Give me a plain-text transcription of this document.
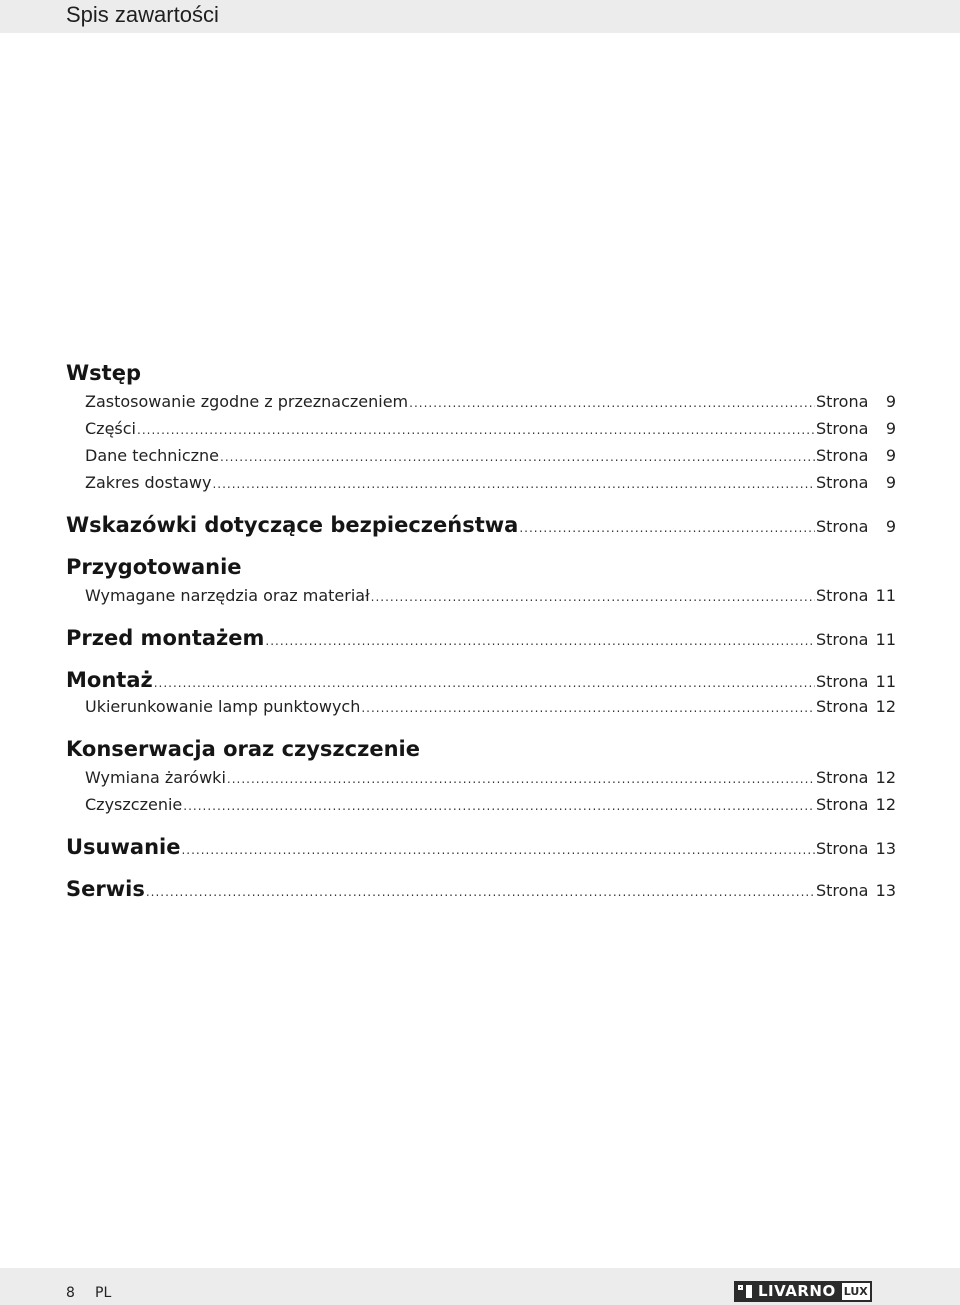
Spis zawartości
Wstęp
Zastosowanie zgodne z przeznaczeniem .....	Strona	9
Części .....	Strona	9
Dane techniczne .....	Strona	9
Zakres dostawy .....	Strona	9
Wskazówki dotyczące bezpieczeństwa .....	Strona	9
Przygotowanie
Wymagane narzędzia oraz materiał .....	Strona 11
Przed montażem .....	Strona 11
Montaż .....	Strona 11
Ukierunkowanie lamp punktowych .....	Strona 12
Konserwacja oraz czyszczenie
Wymiana żarówki .....	Strona 12
Czyszczenie .....	Strona 12
Usuwanie .....	Strona 13
Serwis .....	Strona 13
8 PL	LIVARNO LUX
